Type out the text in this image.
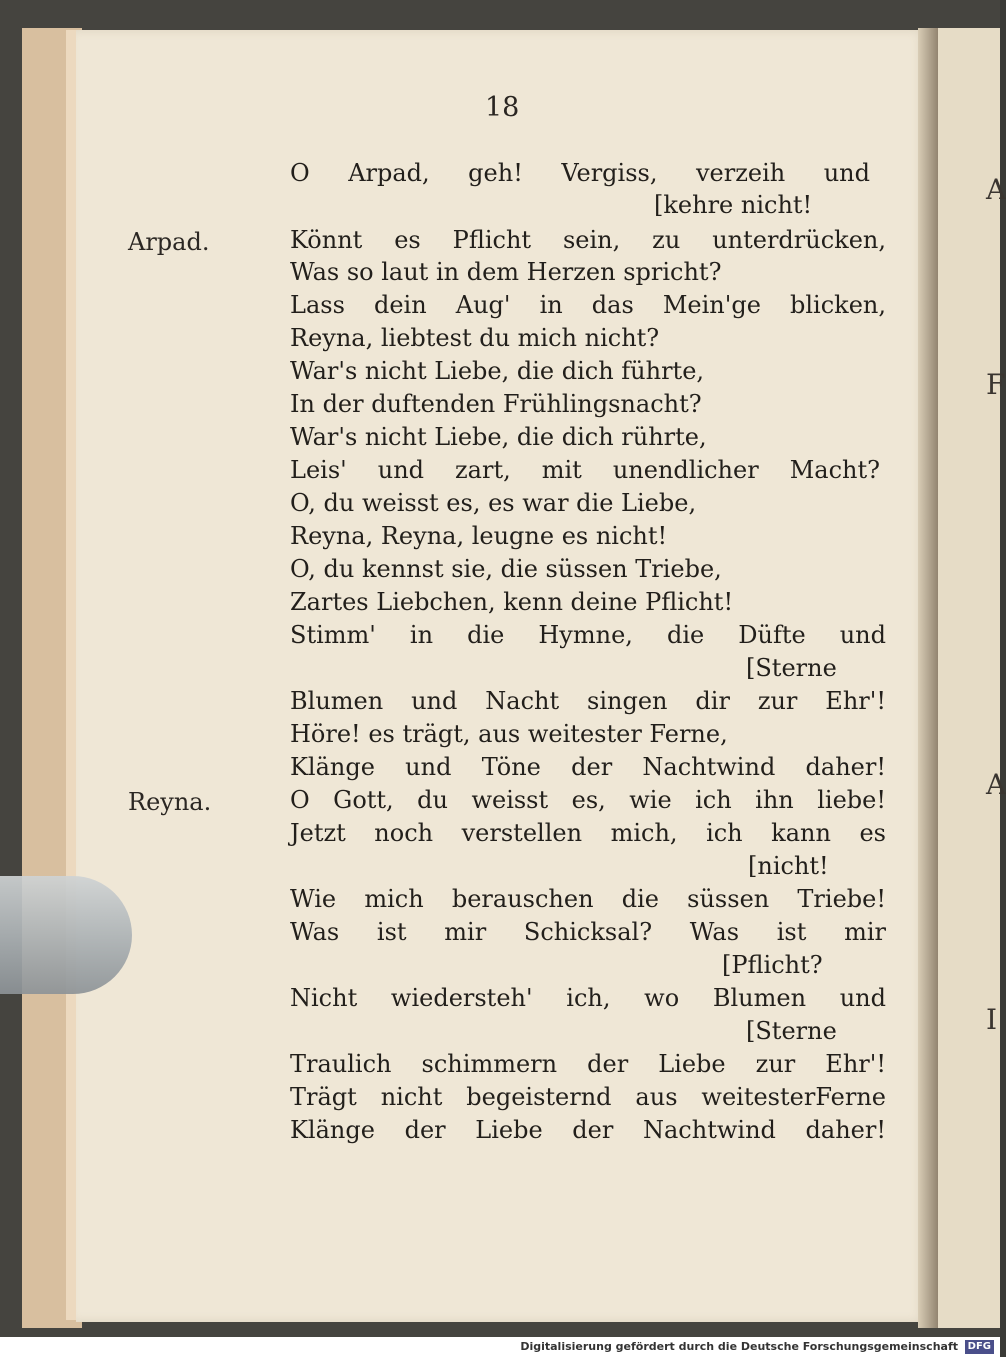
A
F
A
I
18
Arpad.
Reyna.
O Arpad, geh! Vergiss, verzeih und
[kehre nicht!
Könnt es Pflicht sein, zu unterdrücken,
Was so laut in dem Herzen spricht?
Lass dein Aug' in das Mein'ge blicken,
Reyna, liebtest du mich nicht?
War's nicht Liebe, die dich führte,
In der duftenden Frühlingsnacht?
War's nicht Liebe, die dich rührte,
Leis' und zart, mit unendlicher Macht?
O, du weisst es, es war die Liebe,
Reyna, Reyna, leugne es nicht!
O, du kennst sie, die süssen Triebe,
Zartes Liebchen, kenn deine Pflicht!
Stimm' in die Hymne, die Düfte und
[Sterne
Blumen und Nacht singen dir zur Ehr'!
Höre! es trägt, aus weitester Ferne,
Klänge und Töne der Nachtwind daher!
O Gott, du weisst es, wie ich ihn liebe!
Jetzt noch verstellen mich, ich kann es
[nicht!
Wie mich berauschen die süssen Triebe!
Was ist mir Schicksal? Was ist mir
[Pflicht?
Nicht wiedersteh' ich, wo Blumen und
[Sterne
Traulich schimmern der Liebe zur Ehr'!
Trägt nicht begeisternd aus weitesterFerne
Klänge der Liebe der Nachtwind daher!
Digitalisierung gefördert durch die Deutsche Forschungsgemeinschaft DFG
